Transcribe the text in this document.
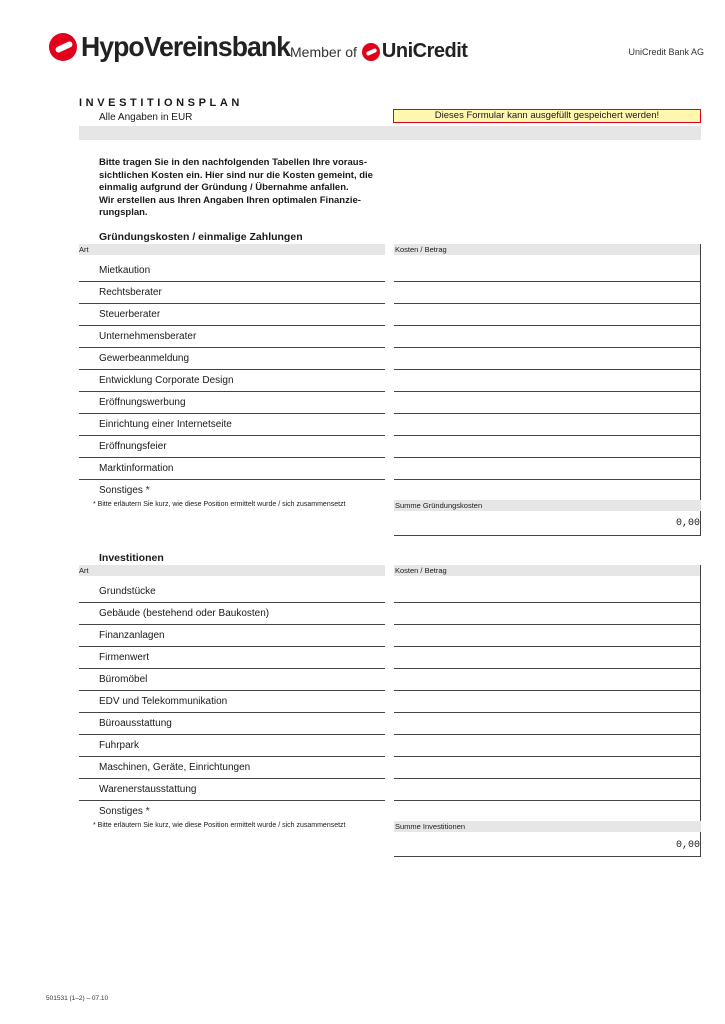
HypoVereinsbank Member of UniCredit	UniCredit Bank AG
INVESTITIONSPLAN
Alle Angaben in EUR	Dieses Formular kann ausgefüllt gespeichert werden!
Bitte tragen Sie in den nachfolgenden Tabellen Ihre voraus-
sichtlichen Kosten ein. Hier sind nur die Kosten gemeint, die
einmalig aufgrund der Gründung / Übernahme anfallen.
Wir erstellen aus Ihren Angaben Ihren optimalen Finanzie-
rungsplan.
Gründungskosten / einmalige Zahlungen
Art	Kosten / Betrag
Mietkaution
Rechtsberater
Steuerberater
Unternehmensberater
Gewerbeanmeldung
Entwicklung Corporate Design
Eröffnungswerbung
Einrichtung einer Internetseite
Eröffnungsfeier
Marktinformation
Sonstiges *
* Bitte erläutern Sie kurz, wie diese Position ermittelt wurde / sich zusammensetzt	Summe Gründungskosten
0,00
Investitionen
Art	Kosten / Betrag
Grundstücke
Gebäude (bestehend oder Baukosten)
Finanzanlagen
Firmenwert
Büromöbel
EDV und Telekommunikation
Büroausstattung
Fuhrpark
Maschinen, Geräte, Einrichtungen
Warenerstausstattung
Sonstiges *
* Bitte erläutern Sie kurz, wie diese Position ermittelt wurde / sich zusammensetzt	Summe Investitionen
0,00
501531 (1–2) – 07.10
